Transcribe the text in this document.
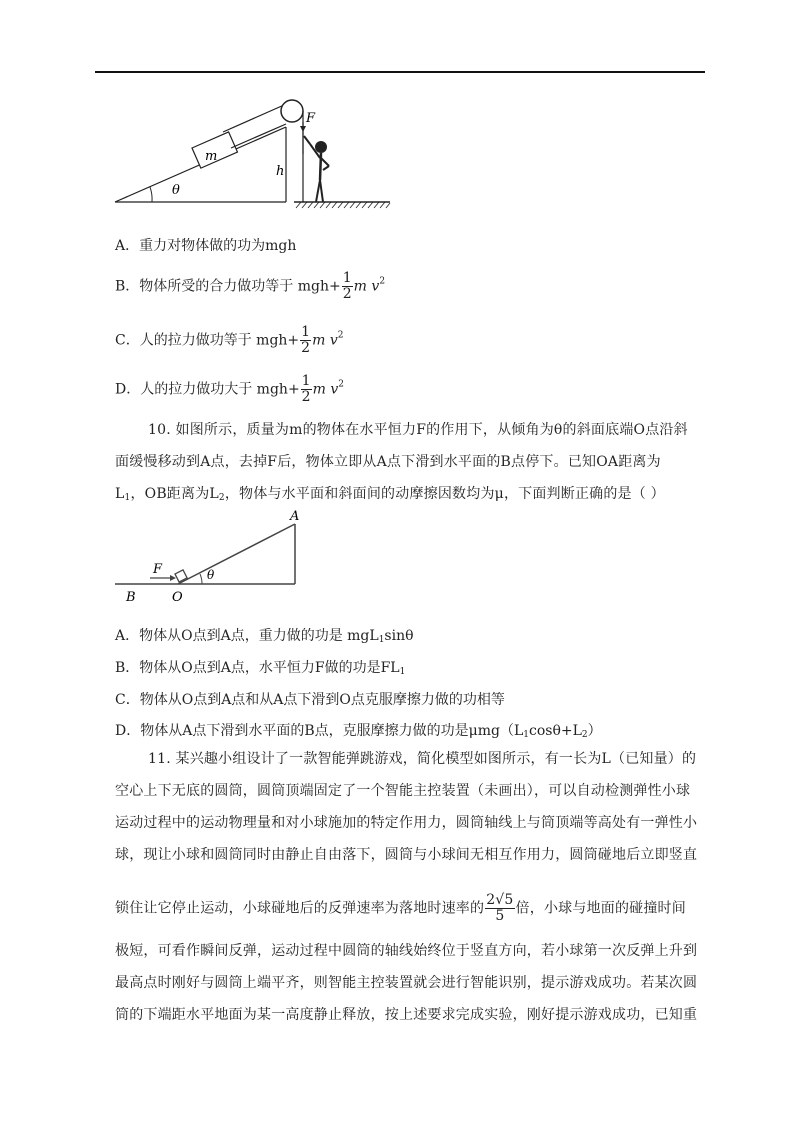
m
F
h
θ
A．重力对物体做的功为mgh
B．物体所受的合力做功等于 $mgh+ \frac{1}{2}$ m $v^2$
C．人的拉力做功等于 $mgh+ \frac{1}{2}$ m $v^2$
D．人的拉力做功大于 $mgh+ \frac{1}{2}$ m $v^2$
10. 如图所示，质量为m的物体在水平恒力F的作用下，从倾角为θ的斜面底端O点沿斜
面缓慢移动到A点，去掉F后，物体立即从A点下滑到水平面的B点停下。已知OA距离为
$L_1$，OB距离为$L_2$，物体与水平面和斜面间的动摩擦因数均为μ，下面判断正确的是（ ）
A
F	θ
B	O
A．物体从O点到A点，重力做的功是 mgL$_1$sinθ
B．物体从O点到A点，水平恒力F做的功是$FL_1$
C．物体从O点到A点和从A点下滑到O点克服摩擦力做的功相等
D．物体从A点下滑到水平面的B点，克服摩擦力做的功是$\mu mg(L_1\cos\theta+L_2)$
11. 某兴趣小组设计了一款智能弹跳游戏，简化模型如图所示，有一长为L（已知量）的
空心上下无底的圆筒，圆筒顶端固定了一个智能主控装置（未画出），可以自动检测弹性小球
运动过程中的运动物理量和对小球施加的特定作用力，圆筒轴线上与筒顶端等高处有一弹性小
球，现让小球和圆筒同时由静止自由落下，圆筒与小球间无相互作用力，圆筒碰地后立即竖直
锁住让它停止运动，小球碰地后的反弹速率为落地时速率的 $\frac{2√5}{5}$ 倍，小球与地面的碰撞时间
极短，可看作瞬间反弹，运动过程中圆筒的轴线始终位于竖直方向，若小球第一次反弹上升到
最高点时刚好与圆筒上端平齐，则智能主控装置就会进行智能识别，提示游戏成功。若某次圆
筒的下端距水平地面为某一高度静止释放，按上述要求完成实验，刚好提示游戏成功，已知重
